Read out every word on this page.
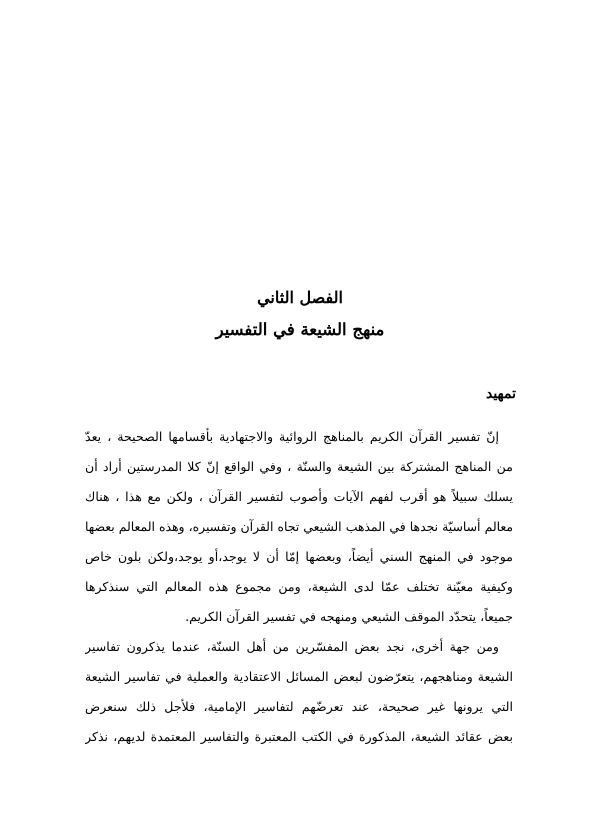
الفصل الثاني
منهج الشيعة في التفسير
تمهيد
إنّ تفسير القرآن الكريم بالمناهج الروائية والاجتهادية بأقسامها الصحيحة ، يعدّ
من المناهج المشتركة بين الشيعة والسنّة ، وفي الواقع إنّ كلا المدرستين أراد أن
يسلك سبيلاً هو أقرب لفهم الآيات وأصوب لتفسير القرآن ، ولكن مع هذا ، هناك
معالم أساسيّة نجدها في المذهب الشيعي تجاه القرآن وتفسيره، وهذه المعالم بعضها
موجود في المنهج السني أيضاً، وبعضها إمّا أن لا يوجد،أو يوجد،ولكن بلون خاص
وكيفية معيّنة تختلف عمّا لدى الشيعة، ومن مجموع هذه المعالم التي سنذكرها
جميعاً، يتحدّد الموقف الشيعي ومنهجه في تفسير القرآن الكريم.
ومن جهة أخرى، نجد بعض المفسّرين من أهل السنّة، عندما يذكرون تفاسير
الشيعة ومناهجهم، يتعرّضون لبعض المسائل الاعتقادية والعملية في تفاسير الشيعة
التي يرونها غير صحيحة، عند تعرضّهم لتفاسير الإمامية، فلأجل ذلك سنعرض
بعض عقائد الشيعة، المذكورة في الكتب المعتبرة والتفاسير المعتمدة لديهم، نذكر
